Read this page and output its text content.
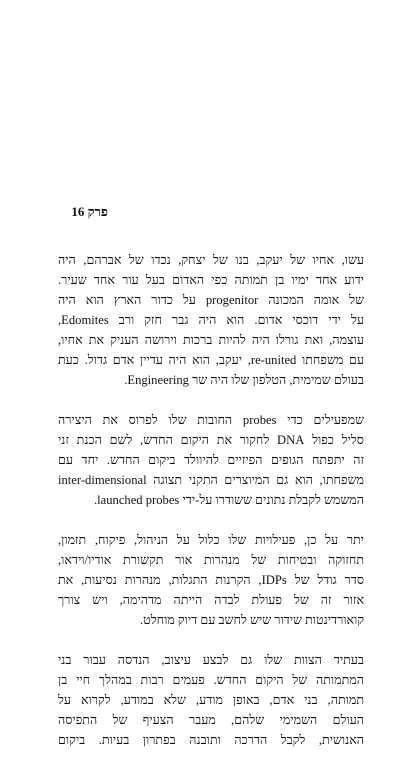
פרק 16
עשו, אחיו של יעקב, בנו של יצחק, נכדו של אברהם, היה
ידוע אחד ימיו בן תמותה כפי האדום בעל עור אחד שעיר.
של אומה המכונה progenitor על כדור הארץ הוא היה
על ידי דוכסי אדום. הוא היה גבר חזק ורב Edomites,
עוצמה, ואת גורלו היה להיות ברכות וירושה העניק את אחיו,
עם משפחתו re-united, יעקב, הוא היה עדיין אדם גדול. כעת
בעולם שמימית, הטלפון שלו היה שר Engineering.
שמפעילים כדי probes החובות שלו לפרוס את היצירה
סליל כפול DNA לחקור את היקום החדש, לשם הכנת זני
זה יתפתח הגופים הפיזיים להיוולד ביקום החדש. יחד עם
inter-dimensional משפחתו, הוא גם המיוצרים התקני תצוגה
המשמש לקבלת נתונים ששודרו על-ידי launched probes.
יתר על כן, פעילויות שלו כלול על הניהול, פיקוח, תזמון,
תחזוקה ובטיחות של מנהרות אור תקשורת אודיו/וידאו,
סדר גודל של IDPs, הקרנות התגלות, מנהרות נסיעות, את
אזור זה של פעולת לבדה הייתה מדהימה, ויש צורך
קואורדינטות שידור שיש לחשב עם דיוק מוחלט.
בעתיד הצוות שלו גם לבצע עיצוב, הנדסה עבור בני
המתמותה של היקום החדש. פעמים רבות במהלך חיי בן
תמותה, בני אדם, באופן מודע, שלא במודע, לקרוא על
העולם השמימי שלהם, מעבר הצעיף של התפיסה
האנושית, לקבל הדרכה ותובנה בפתרון בעיות. ביקום
